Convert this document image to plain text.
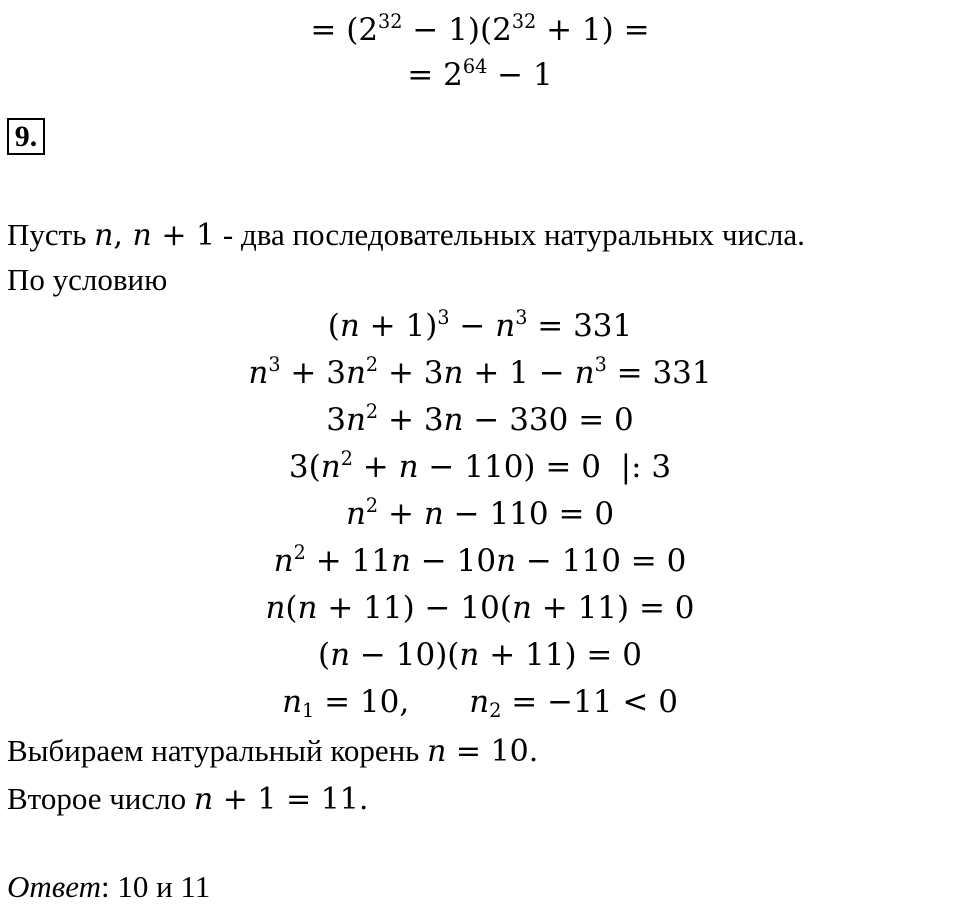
= $(2^{32} - 1)(2^{32} + 1)$ =
= $2^{64} - 1$
9.
Пусть n, n + 1 - два последовательных натуральных числа.
По условию
$(n + 1)^3 - n^3 = 331$
$n^3 + 3n^2 + 3n + 1 - n^3 = 331$
$3n^2 + 3n - 330 = 0$
$3(n^2 + n - 110) = 0$  |: 3
$n^2 + n - 110 = 0$
$n^2 + 11n - 10n - 110 = 0$
n(n + 11) − 10(n + 11) = 0
(n − 10)(n + 11) = 0
$n_1 = 10$, $n_2 = -11 < 0$
Выбираем натуральный корень n = 10.
Второе число n + 1 = 11.
Ответ: 10 и 11
